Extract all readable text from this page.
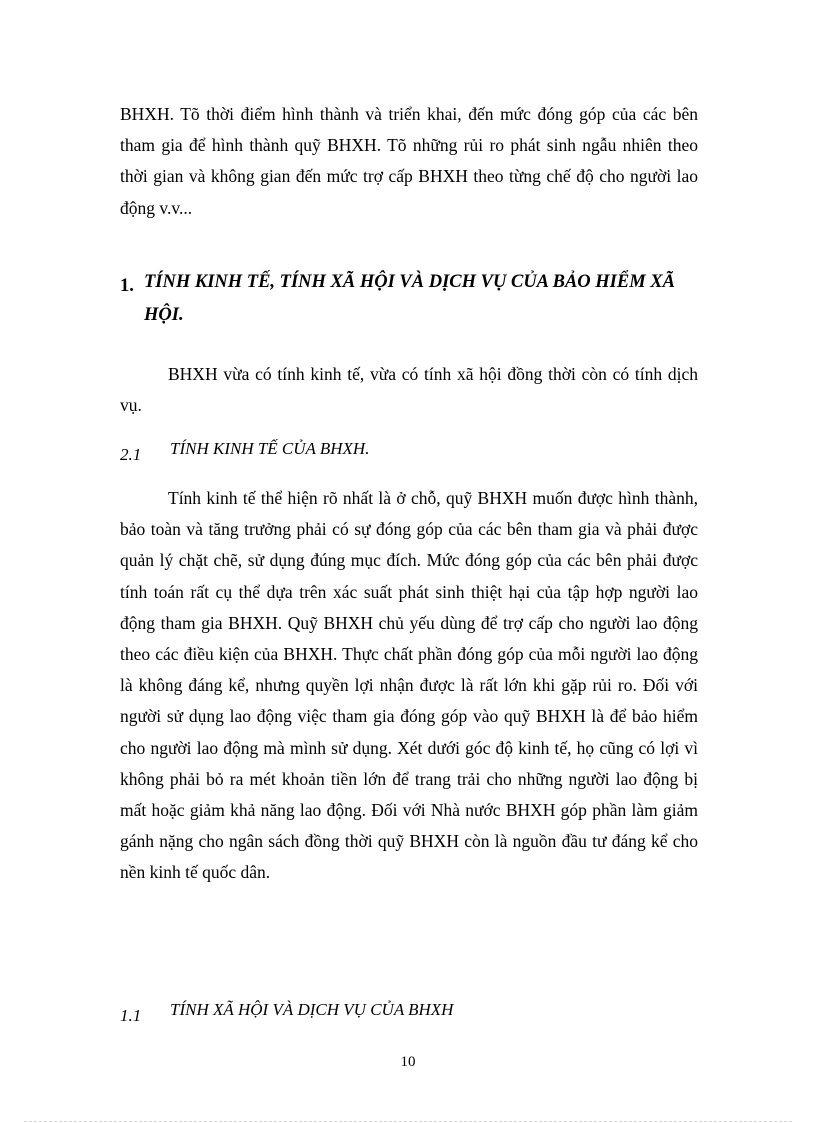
BHXH. Tõ thời điểm hình thành và triển khai, đến mức đóng góp của các bên tham gia để hình thành quỹ BHXH. Tõ những rủi ro phát sinh ngẫu nhiên theo thời gian và không gian đến mức trợ cấp BHXH theo từng chế độ cho người lao động v.v...

1. TÍNH KINH TẾ, TÍNH XÃ HỘI VÀ DỊCH VỤ CỦA BẢO HIỂM XÃ HỘI.

BHXH vừa có tính kinh tế, vừa có tính xã hội đồng thời còn có tính dịch vụ.

2.1 TÍNH KINH TẾ CỦA BHXH.

Tính kinh tế thể hiện rõ nhất là ở chỗ, quỹ BHXH muốn được hình thành, bảo toàn và tăng trưởng phải có sự đóng góp của các bên tham gia và phải được quản lý chặt chẽ, sử dụng đúng mục đích. Mức đóng góp của các bên phải được tính toán rất cụ thể dựa trên xác suất phát sinh thiệt hại của tập hợp người lao động tham gia BHXH. Quỹ BHXH chủ yếu dùng để trợ cấp cho người lao động theo các điều kiện của BHXH. Thực chất phần đóng góp của mỗi người lao động là không đáng kể, nhưng quyền lợi nhận được là rất lớn khi gặp rủi ro. Đối với người sử dụng lao động việc tham gia đóng góp vào quỹ BHXH là để bảo hiểm cho người lao động mà mình sử dụng. Xét dưới góc độ kinh tế, họ cũng có lợi vì không phải bỏ ra mét khoản tiền lớn để trang trải cho những người lao động bị mất hoặc giảm khả năng lao động. Đối với Nhà nước BHXH góp phần làm giảm gánh nặng cho ngân sách đồng thời quỹ BHXH còn là nguồn đầu tư đáng kể cho nền kinh tế quốc dân.

1.1 TÍNH XÃ HỘI VÀ DỊCH VỤ CỦA BHXH

10
